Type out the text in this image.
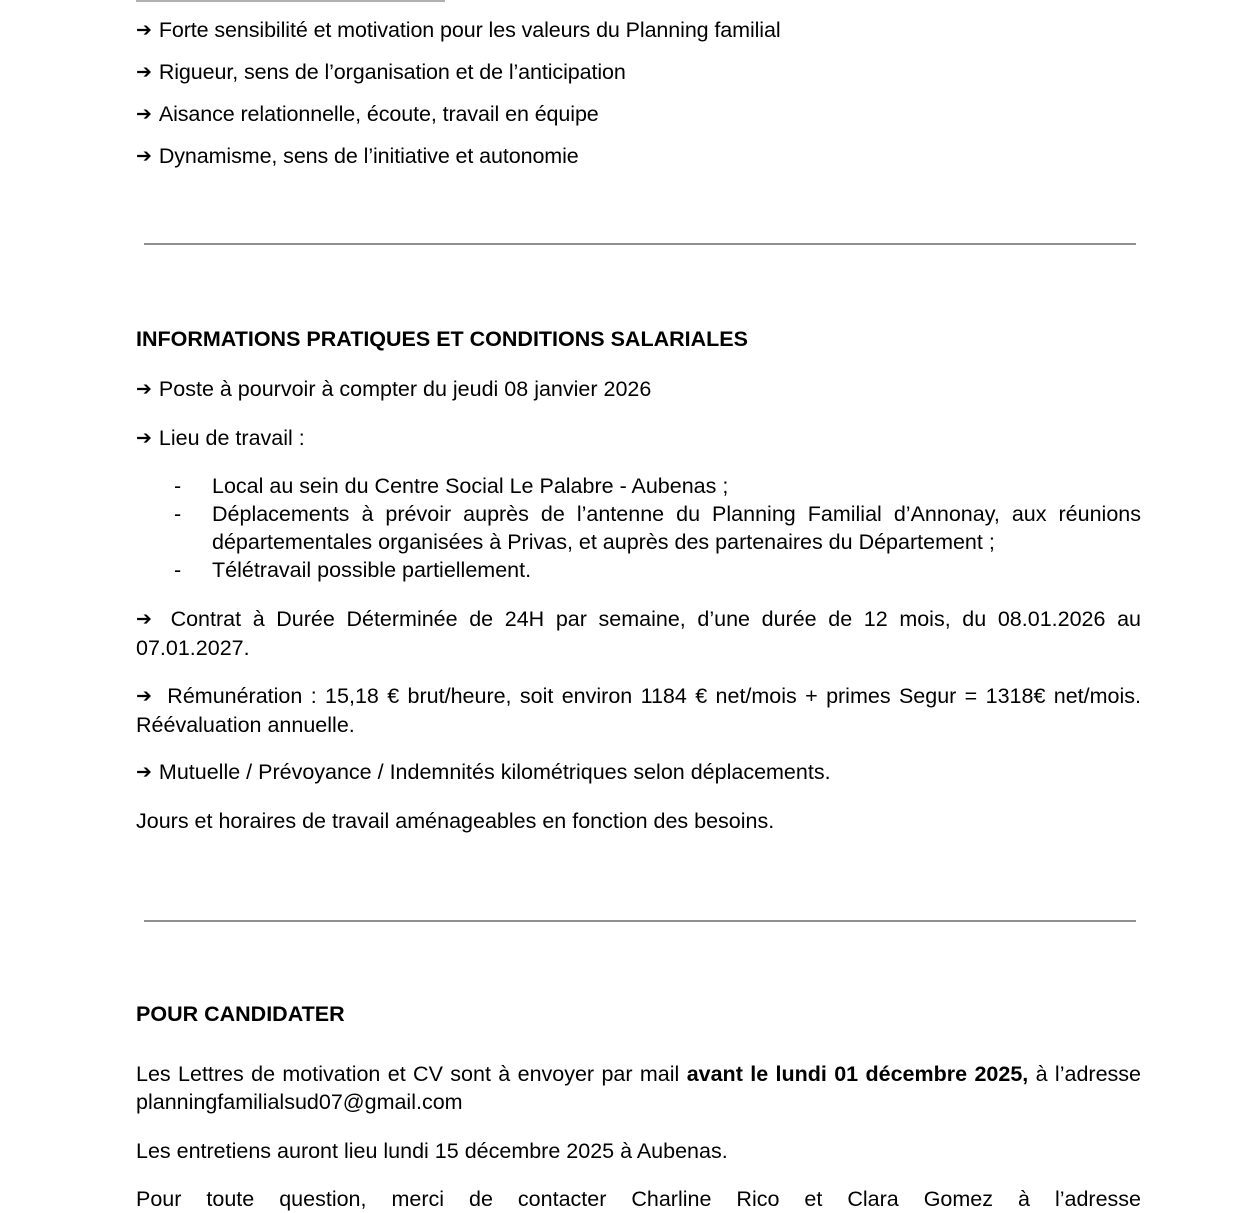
➔ Forte sensibilité et motivation pour les valeurs du Planning familial
➔ Rigueur, sens de l’organisation et de l’anticipation
➔ Aisance relationnelle, écoute, travail en équipe
➔ Dynamisme, sens de l’initiative et autonomie
INFORMATIONS PRATIQUES ET CONDITIONS SALARIALES
➔ Poste à pourvoir à compter du jeudi 08 janvier 2026
➔ Lieu de travail :
- Local au sein du Centre Social Le Palabre - Aubenas ;
- Déplacements à prévoir auprès de l’antenne du Planning Familial d’Annonay, aux réunions départementales organisées à Privas, et auprès des partenaires du Département ;
- Télétravail possible partiellement.
➔ Contrat à Durée Déterminée de 24H par semaine, d’une durée de 12 mois, du 08.01.2026 au 07.01.2027.
➔ Rémunération : 15,18 € brut/heure, soit environ 1184 € net/mois + primes Segur = 1318€ net/mois. Réévaluation annuelle.
➔ Mutuelle / Prévoyance / Indemnités kilométriques selon déplacements.
Jours et horaires de travail aménageables en fonction des besoins.
POUR CANDIDATER
Les Lettres de motivation et CV sont à envoyer par mail avant le lundi 01 décembre 2025, à l’adresse planningfamilialsud07@gmail.com
Les entretiens auront lieu lundi 15 décembre 2025 à Aubenas.
Pour toute question, merci de contacter Charline Rico et Clara Gomez à l’adresse
